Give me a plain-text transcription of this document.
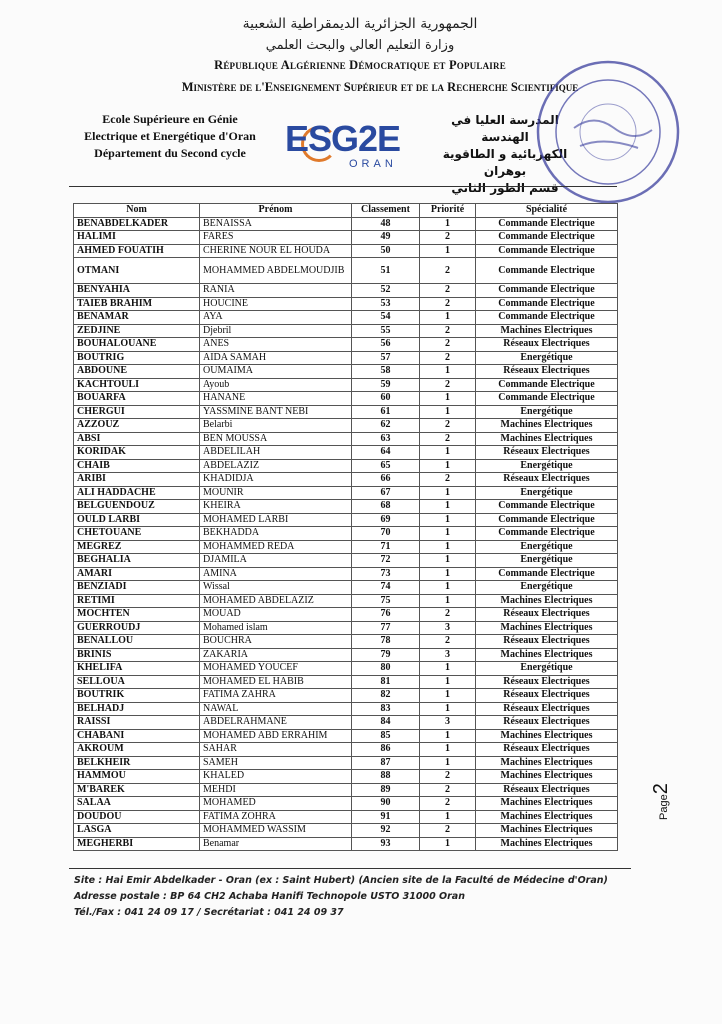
الجمهورية الجزائرية الديمقراطية الشعبية
وزارة التعليم العالي والبحث العلمي
République Algérienne Démocratique et Populaire
Ministère de l'Enseignement Supérieur et de la Recherche Scientifique
Ecole Supérieure en Génie
Electrique et Energétique d'Oran
Département du Second cycle	ESG2E
ORAN
المدرسة العليا في الهندسة
الكهربائية و الطاقوية بوهران
قسم الطور الثاني
Nom	Prénom	Classement	Priorité	Spécialité
BENABDELKADER	BENAISSA	48	1	Commande Electrique
HALIMI	FARES	49	2	Commande Electrique
AHMED FOUATIH	CHERINE NOUR EL HOUDA	50	1	Commande Electrique
OTMANI	MOHAMMED ABDELMOUDJIB	51	2	Commande Electrique
BENYAHIA	RANIA	52	2	Commande Electrique
TAIEB BRAHIM	HOUCINE	53	2	Commande Electrique
BENAMAR	AYA	54	1	Commande Electrique
ZEDJINE	Djebril	55	2	Machines Electriques
BOUHALOUANE	ANES	56	2	Réseaux Electriques
BOUTRIG	AIDA SAMAH	57	2	Energétique
ABDOUNE	OUMAIMA	58	1	Réseaux Electriques
KACHTOULI	Ayoub	59	2	Commande Electrique
BOUARFA	HANANE	60	1	Commande Electrique
CHERGUI	YASSMINE BANT NEBI	61	1	Energétique
AZZOUZ	Belarbi	62	2	Machines Electriques
ABSI	BEN MOUSSA	63	2	Machines Electriques
KORIDAK	ABDELILAH	64	1	Réseaux Electriques
CHAIB	ABDELAZIZ	65	1	Energétique
ARIBI	KHADIDJA	66	2	Réseaux Electriques
ALI HADDACHE	MOUNIR	67	1	Energétique
BELGUENDOUZ	KHEIRA	68	1	Commande Electrique
OULD LARBI	MOHAMED LARBI	69	1	Commande Electrique
CHETOUANE	BEKHADDA	70	1	Commande Electrique
MEGREZ	MOHAMMED REDA	71	1	Energétique
BEGHALIA	DJAMILA	72	1	Energétique
AMARI	AMINA	73	1	Commande Electrique
BENZIADI	Wissal	74	1	Energétique
RETIMI	MOHAMED ABDELAZIZ	75	1	Machines Electriques
MOCHTEN	MOUAD	76	2	Réseaux Electriques
GUERROUDJ	Mohamed islam	77	3	Machines Electriques
BENALLOU	BOUCHRA	78	2	Réseaux Electriques
BRINIS	ZAKARIA	79	3	Machines Electriques
KHELIFA	MOHAMED YOUCEF	80	1	Energétique
SELLOUA	MOHAMED EL HABIB	81	1	Réseaux Electriques
BOUTRIK	FATIMA ZAHRA	82	1	Réseaux Electriques
BELHADJ	NAWAL	83	1	Réseaux Electriques
RAISSI	ABDELRAHMANE	84	3	Réseaux Electriques
CHABANI	MOHAMED ABD ERRAHIM	85	1	Machines Electriques
AKROUM	SAHAR	86	1	Réseaux Electriques
BELKHEIR	SAMEH	87	1	Machines Electriques
HAMMOU	KHALED	88	2	Machines Electriques
M'BAREK	MEHDI	89	2	Réseaux Electriques
SALAA	MOHAMED	90	2	Machines Electriques
DOUDOU	FATIMA ZOHRA	91	1	Machines Electriques
LASGA	MOHAMMED WASSIM	92	2	Machines Electriques
MEGHERBI	Benamar	93	1	Machines Electriques
Page2
Site : Hai Emir Abdelkader - Oran (ex : Saint Hubert) (Ancien site de la Faculté de Médecine d'Oran)
Adresse postale : BP 64 CH2 Achaba Hanifi Technopole USTO 31000 Oran
Tél./Fax : 041 24 09 17 / Secrétariat : 041 24 09 37
